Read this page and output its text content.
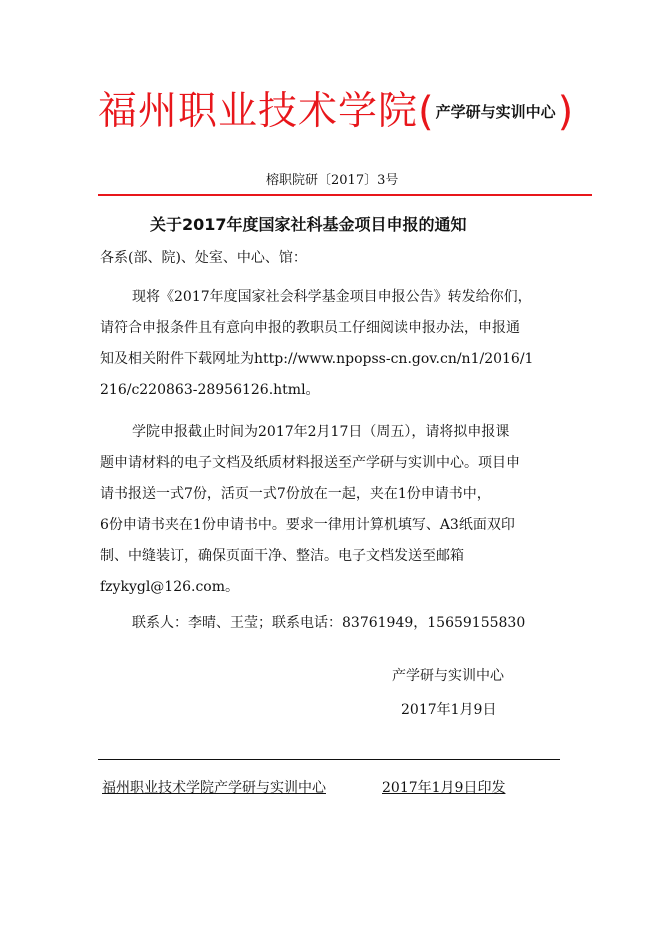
福州职业技术学院 ( 产学研与实训中心 )
榕职院研〔2017〕3号
关于2017年度国家社科基金项目申报的通知
各系(部、院)、处室、中心、馆：
现将《2017年度国家社会科学基金项目申报公告》转发给你们，
请符合申报条件且有意向申报的教职员工仔细阅读申报办法，申报通
知及相关附件下载网址为http://www.npopss-cn.gov.cn/n1/2016/1
216/c220863-28956126.html。
学院申报截止时间为2017年2月17日（周五），请将拟申报课
题申请材料的电子文档及纸质材料报送至产学研与实训中心。项目申
请书报送一式7份，活页一式7份放在一起，夹在1份申请书中，
6份申请书夹在1份申请书中。要求一律用计算机填写、A3纸面双印
制、中缝装订，确保页面干净、整洁。电子文档发送至邮箱
fzykygl@126.com。
联系人：李晴、王莹；联系电话：83761949，15659155830
产学研与实训中心
2017年1月9日
福州职业技术学院产学研与实训中心	2017年1月9日印发
